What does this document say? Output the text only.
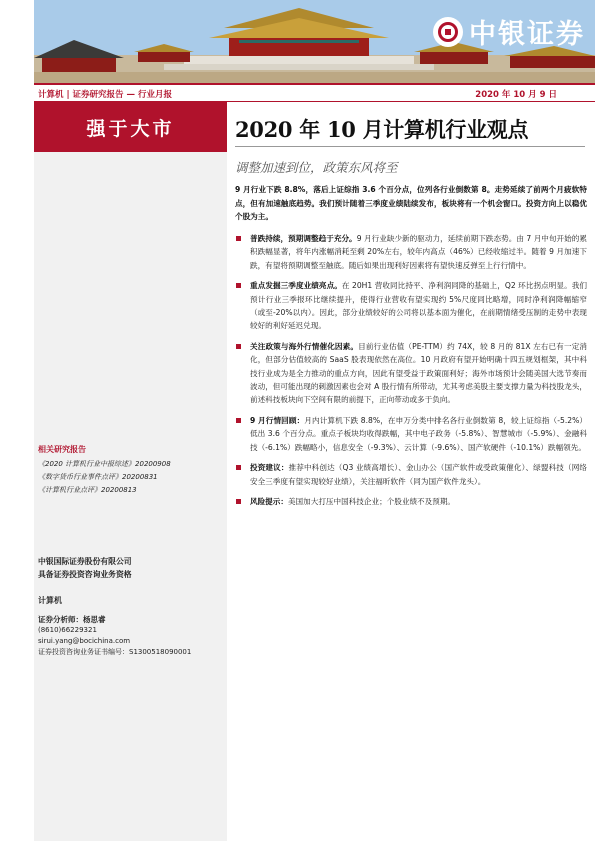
中银证券
计算机 | 证券研究报告 — 行业月报	2020 年 10 月 9 日
强于大市
相关研究报告
《2020 计算机行业中报综述》20200908
《数字货币行业事件点评》20200831
《计算机行业点评》20200813
中银国际证券股份有限公司
具备证券投资咨询业务资格
计算机
证券分析师：杨思睿
(8610)66229321
sirui.yang@bocichina.com
证券投资咨询业务证书编号：S1300518090001
2020 年 10 月计算机行业观点
调整加速到位，政策东风将至
9 月行业下跌 8.8%，落后上证综指 3.6 个百分点，位列各行业倒数第 8。走势延续了前两个月疲软特点，但有加速触底趋势。我们预计随着三季度业绩陆续发布，板块将有一个机会窗口。投资方向上以稳优个股为主。
普跌持续，预期调整趋于充分。9 月行业缺少新的驱动力，延续前期下跌态势。由 7 月中旬开始的累积跌幅显著，将年内涨幅消耗至剩 20%左右，较年内高点（46%）已经收缩过半。随着 9 月加速下跌，有望将预期调整至触底。随后如果出现利好因素将有望快速反弹至上行行情中。
重点发掘三季度业绩亮点。在 20H1 营收同比持平、净利润同降的基础上，Q2 环比拐点明显。我们预计行业三季报环比继续提升，使得行业营收有望实现约 5%尺度同比略增，同时净利润降幅缩窄（或至-20%以内）。因此，部分业绩较好的公司将以基本面为催化，在前期情绪受压制的走势中表现较好的利好延迟兑现。
关注政策与海外行情催化因素。目前行业估值（PE-TTM）约 74X，较 8 月的 81X 左右已有一定消化，但部分估值较高的 SaaS 股表现依然在高位。10 月政府有望开始明确十四五规划框架，其中科技行业成为是全力推动的重点方向，因此有望受益于政策面利好；海外市场预计会随美国大选节奏而波动，但可能出现的刺激因素也会对 A 股行情有所带动，尤其考虑美股主要支撑力量为科技股龙头，前述科技板块向下空间有限的前提下，正向带动或多于负向。
9 月行情回顾：月内计算机下跌 8.8%，在申万分类中排名各行业倒数第 8，较上证综指（-5.2%）低出 3.6 个百分点。重点子板块均收得跌幅，其中电子政务（-5.8%）、智慧城市（-5.9%）、金融科技（-6.1%）跌幅略小，信息安全（-9.3%）、云计算（-9.6%）、国产软硬件（-10.1%）跌幅领先。
投资建议：推荐中科创达（Q3 业绩高增长）、金山办公（国产软件或受政策催化）、绿盟科技（网络安全三季度有望实现较好业绩），关注福昕软件（同为国产软件龙头）。
风险提示：美国加大打压中国科技企业；个股业绩不及预期。
